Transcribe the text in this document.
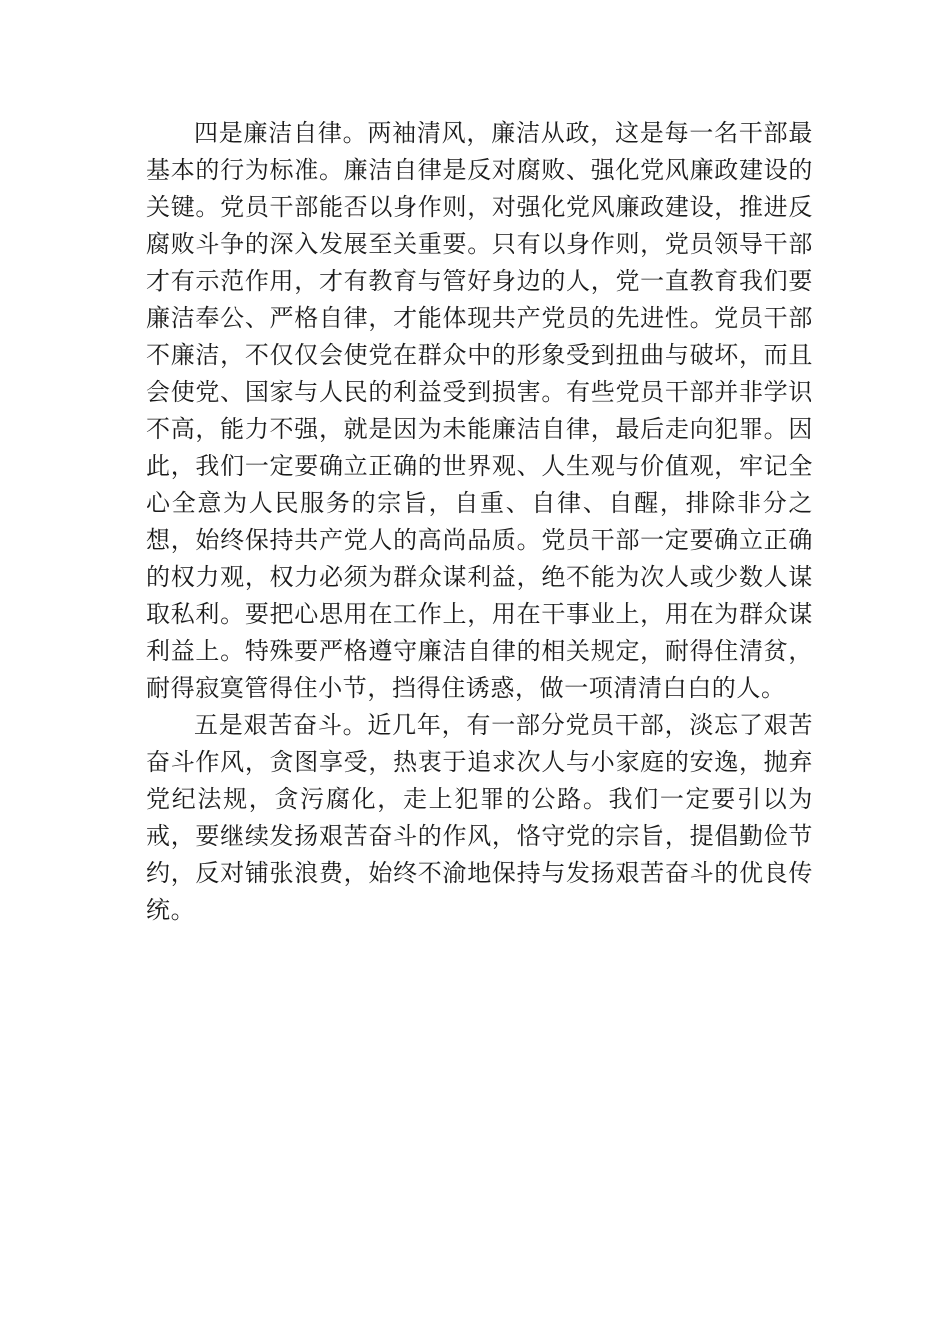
四是廉洁自律。两袖清风，廉洁从政，这是每一名干部最基本的行为标准。廉洁自律是反对腐败、强化党风廉政建设的关键。党员干部能否以身作则，对强化党风廉政建设，推进反腐败斗争的深入发展至关重要。只有以身作则，党员领导干部才有示范作用，才有教育与管好身边的人，党一直教育我们要廉洁奉公、严格自律，才能体现共产党员的先进性。党员干部不廉洁，不仅仅会使党在群众中的形象受到扭曲与破坏，而且会使党、国家与人民的利益受到损害。有些党员干部并非学识不高，能力不强，就是因为未能廉洁自律，最后走向犯罪。因此，我们一定要确立正确的世界观、人生观与价值观，牢记全心全意为人民服务的宗旨，自重、自律、自醒，排除非分之想，始终保持共产党人的高尚品质。党员干部一定要确立正确的权力观，权力必须为群众谋利益，绝不能为次人或少数人谋取私利。要把心思用在工作上，用在干事业上，用在为群众谋利益上。特殊要严格遵守廉洁自律的相关规定，耐得住清贫，耐得寂寞管得住小节，挡得住诱惑，做一项清清白白的人。

五是艰苦奋斗。近几年，有一部分党员干部，淡忘了艰苦奋斗作风，贪图享受，热衷于追求次人与小家庭的安逸，抛弃党纪法规，贪污腐化，走上犯罪的公路。我们一定要引以为戒，要继续发扬艰苦奋斗的作风，恪守党的宗旨，提倡勤俭节约，反对铺张浪费，始终不渝地保持与发扬艰苦奋斗的优良传统。
